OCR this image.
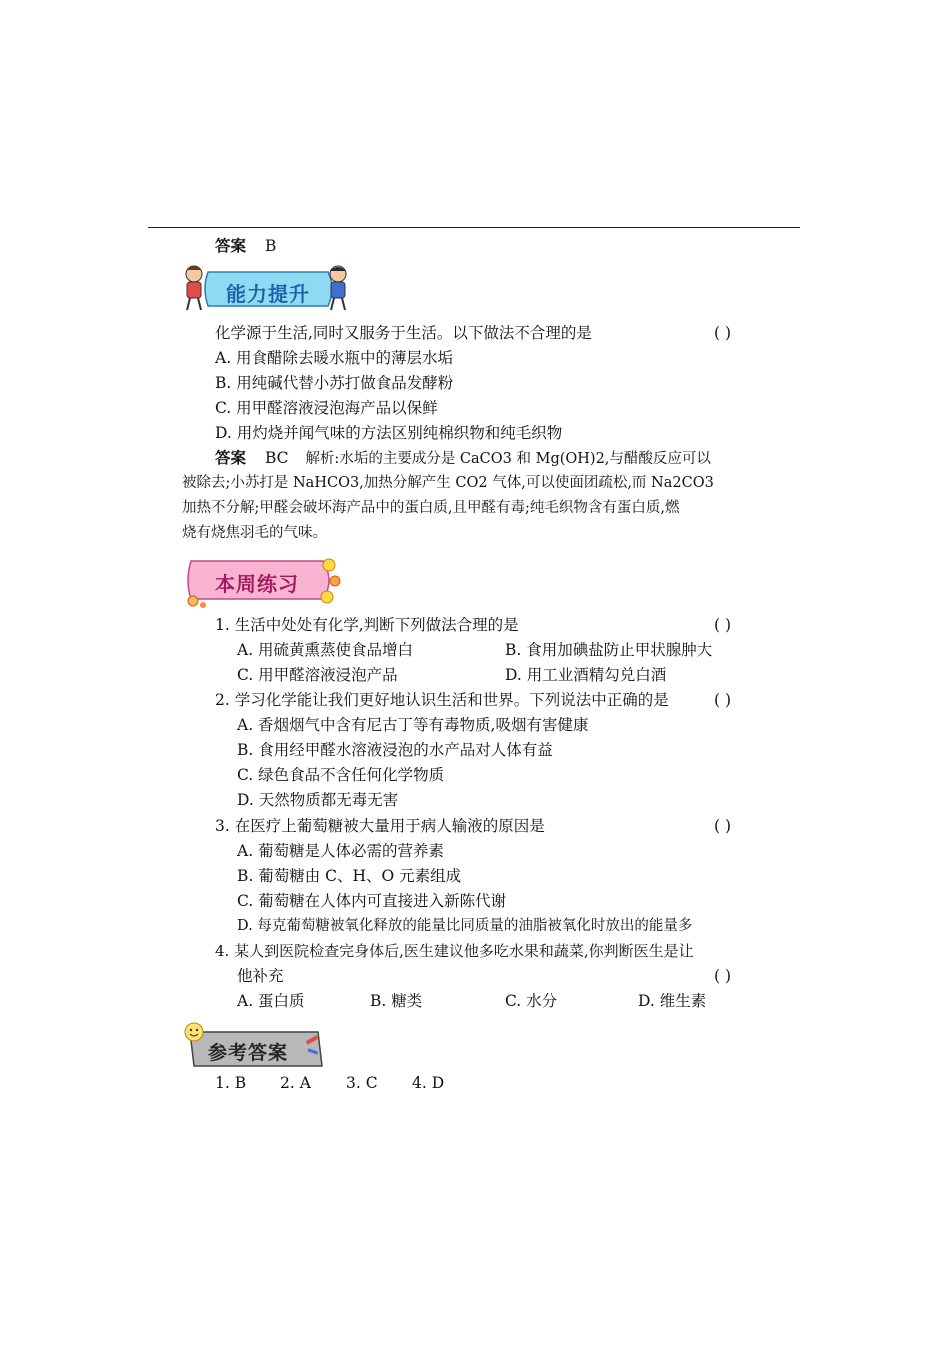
答案 B
能力提升
化学源于生活,同时又服务于生活。以下做法不合理的是	( )
A. 用食醋除去暖水瓶中的薄层水垢
B. 用纯碱代替小苏打做食品发酵粉
C. 用甲醛溶液浸泡海产品以保鲜
D. 用灼烧并闻气味的方法区别纯棉织物和纯毛织物
答案 BC 解析:水垢的主要成分是 CaCO3 和 Mg(OH)2,与醋酸反应可以
被除去;小苏打是 NaHCO3,加热分解产生 CO2 气体,可以使面团疏松,而 Na2CO3
加热不分解;甲醛会破坏海产品中的蛋白质,且甲醛有毒;纯毛织物含有蛋白质,燃
烧有烧焦羽毛的气味。
本周练习
1. 生活中处处有化学,判断下列做法合理的是	( )
A. 用硫黄熏蒸使食品增白	B. 食用加碘盐防止甲状腺肿大
C. 用甲醛溶液浸泡产品	D. 用工业酒精勾兑白酒
2. 学习化学能让我们更好地认识生活和世界。下列说法中正确的是	( )
A. 香烟烟气中含有尼古丁等有毒物质,吸烟有害健康
B. 食用经甲醛水溶液浸泡的水产品对人体有益
C. 绿色食品不含任何化学物质
D. 天然物质都无毒无害
3. 在医疗上葡萄糖被大量用于病人输液的原因是	( )
A. 葡萄糖是人体必需的营养素
B. 葡萄糖由 C、H、O 元素组成
C. 葡萄糖在人体内可直接进入新陈代谢
D. 每克葡萄糖被氧化释放的能量比同质量的油脂被氧化时放出的能量多
4. 某人到医院检查完身体后,医生建议他多吃水果和蔬菜,你判断医生是让
他补充	( )
A. 蛋白质	B. 糖类	C. 水分	D. 维生素
参考答案
1. B 2. A 3. C 4. D
